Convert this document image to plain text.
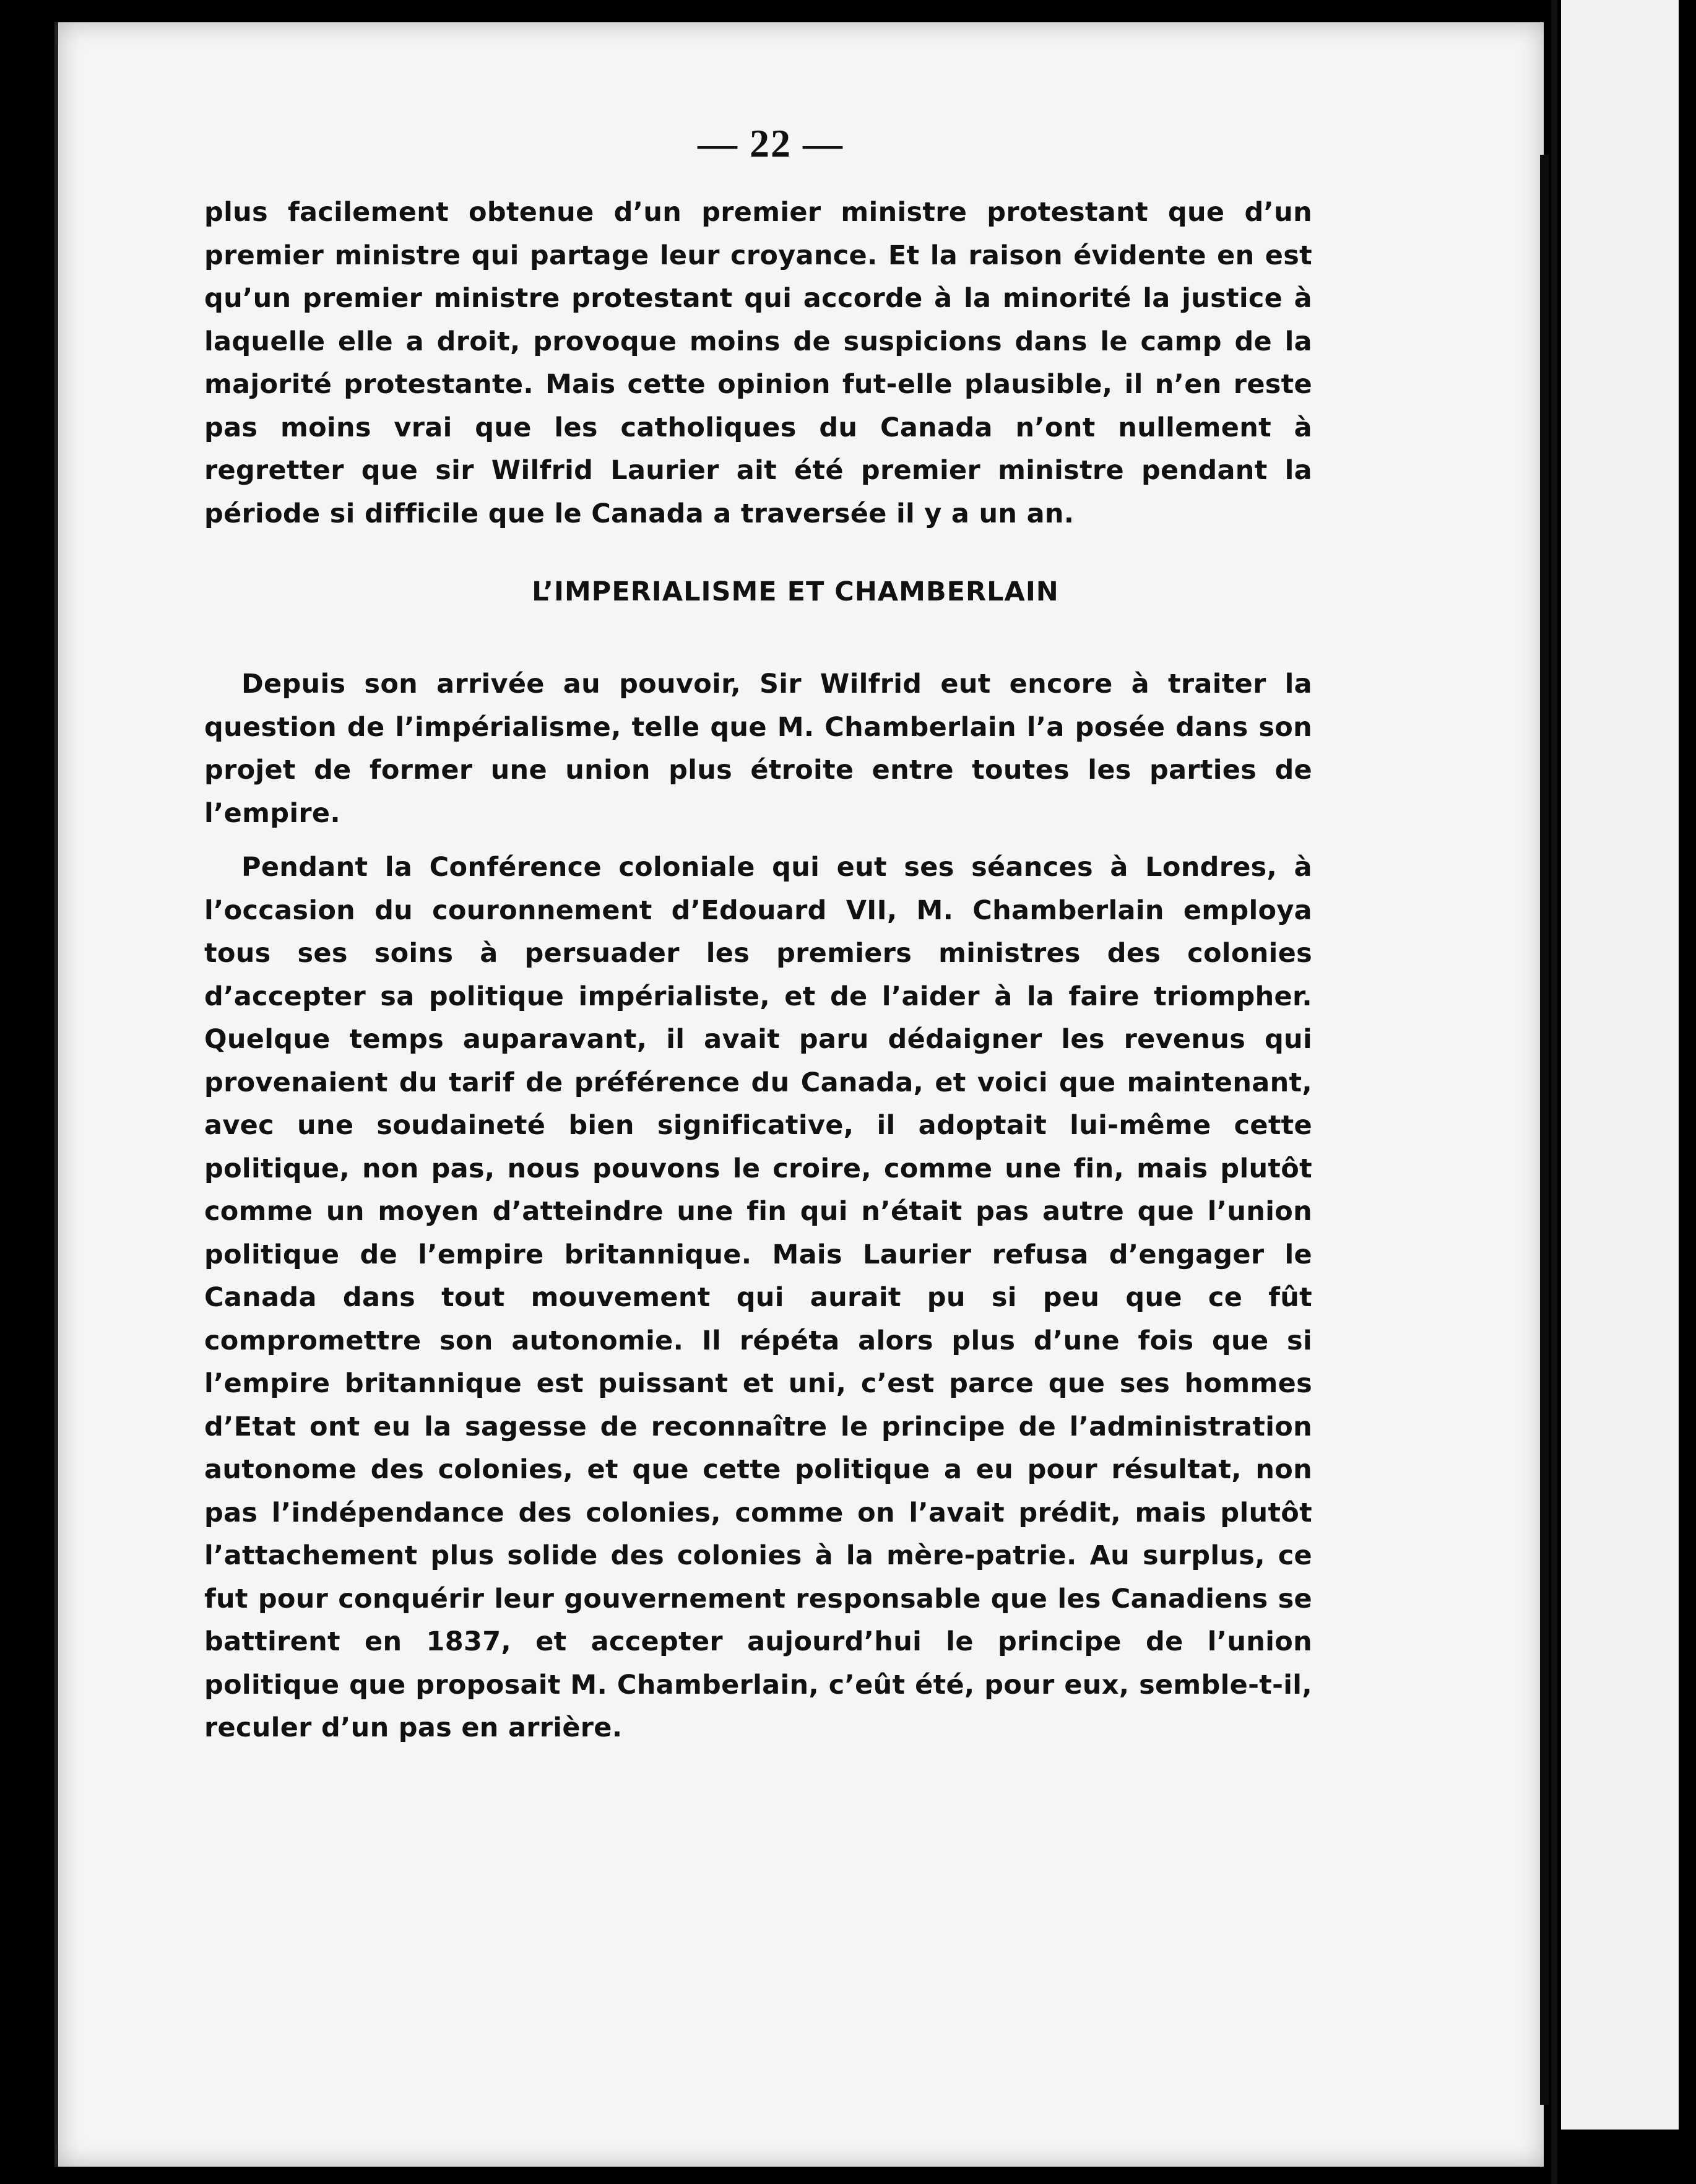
— 22 —

plus facilement obtenue d’un premier ministre protestant que d’un premier ministre qui partage leur croyance. Et la raison évidente en est qu’un premier ministre protestant qui accorde à la minorité la justice à laquelle elle a droit, provoque moins de suspicions dans le camp de la majorité protestante. Mais cette opinion fut-elle plausible, il n’en reste pas moins vrai que les catholiques du Canada n’ont nullement à regretter que sir Wilfrid Laurier ait été premier ministre pendant la période si difficile que le Canada a traversée il y a un an.

L’IMPERIALISME ET CHAMBERLAIN

Depuis son arrivée au pouvoir, Sir Wilfrid eut encore à traiter la question de l’impérialisme, telle que M. Chamberlain l’a posée dans son projet de former une union plus étroite entre toutes les parties de l’empire.

Pendant la Conférence coloniale qui eut ses séances à Londres, à l’occasion du couronnement d’Edouard VII, M. Chamberlain employa tous ses soins à persuader les premiers ministres des colonies d’accepter sa politique impérialiste, et de l’aider à la faire triompher. Quelque temps auparavant, il avait paru dédaigner les revenus qui provenaient du tarif de préférence du Canada, et voici que maintenant, avec une soudaineté bien significative, il adoptait lui-même cette politique, non pas, nous pouvons le croire, comme une fin, mais plutôt comme un moyen d’atteindre une fin qui n’était pas autre que l’union politique de l’empire britannique. Mais Laurier refusa d’engager le Canada dans tout mouvement qui aurait pu si peu que ce fût compromettre son autonomie. Il répéta alors plus d’une fois que si l’empire britannique est puissant et uni, c’est parce que ses hommes d’Etat ont eu la sagesse de reconnaître le principe de l’administration autonome des colonies, et que cette politique a eu pour résultat, non pas l’indépendance des colonies, comme on l’avait prédit, mais plutôt l’attachement plus solide des colonies à la mère-patrie. Au surplus, ce fut pour conquérir leur gouvernement responsable que les Canadiens se battirent en 1837, et accepter aujourd’hui le principe de l’union politique que proposait M. Chamberlain, c’eût été, pour eux, semble-t-il, reculer d’un pas en arrière.
